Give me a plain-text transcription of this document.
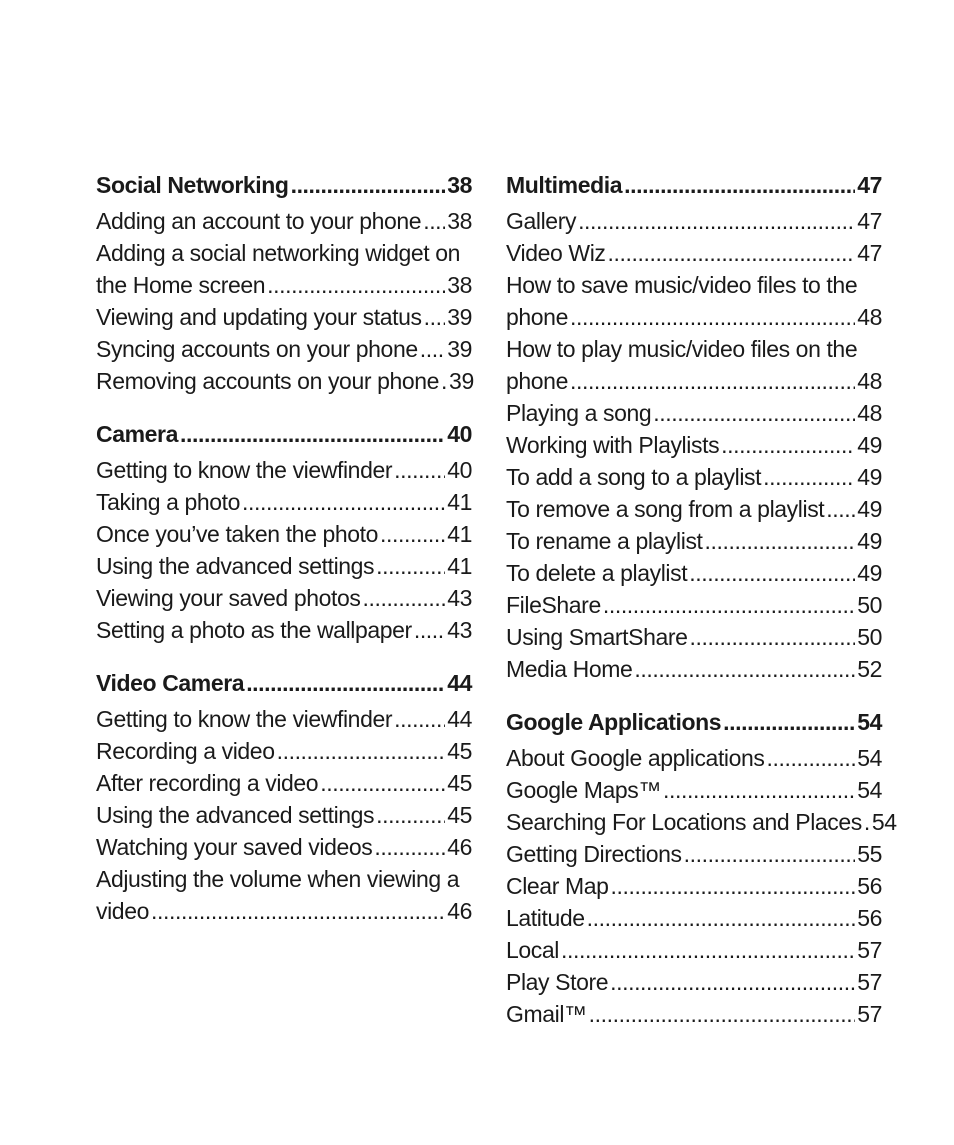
Social Networking .....	38
Adding an account to your phone ..... 38
Adding a social networking widget on
the Home screen .....	38
Viewing and updating your status ..... 39
Syncing accounts on your phone ..... 39
Removing accounts on your phone ..... 39
Camera .....	40
Getting to know the viewfinder ..... 40
Taking a photo .....	41
Once you’ve taken the photo .....	41
Using the advanced settings .....	41
Viewing your saved photos .....	43
Setting a photo as the wallpaper ..... 43
Video Camera .....	44
Getting to know the viewfinder ..... 44
Recording a video .....	45
After recording a video .....	45
Using the advanced settings .....	45
Watching your saved videos .....	46
Adjusting the volume when viewing a
video .....	46
Multimedia .....	47
Gallery .....	47
Video Wiz .....	47
How to save music/video files to the
phone .....	48
How to play music/video files on the
phone .....	48
Playing a song .....	48
Working with Playlists .....	49
To add a song to a playlist .....	49
To remove a song from a playlist ..... 49
To rename a playlist .....	49
To delete a playlist .....	49
FileShare .....	50
Using SmartShare .....	50
Media Home .....	52
Google Applications .....	54
About Google applications .....	54
Google Maps™ .....	54
Searching For Locations and Places ..... 54
Getting Directions .....	55
Clear Map .....	56
Latitude .....	56
Local .....	57
Play Store .....	57
Gmail™ .....	57
